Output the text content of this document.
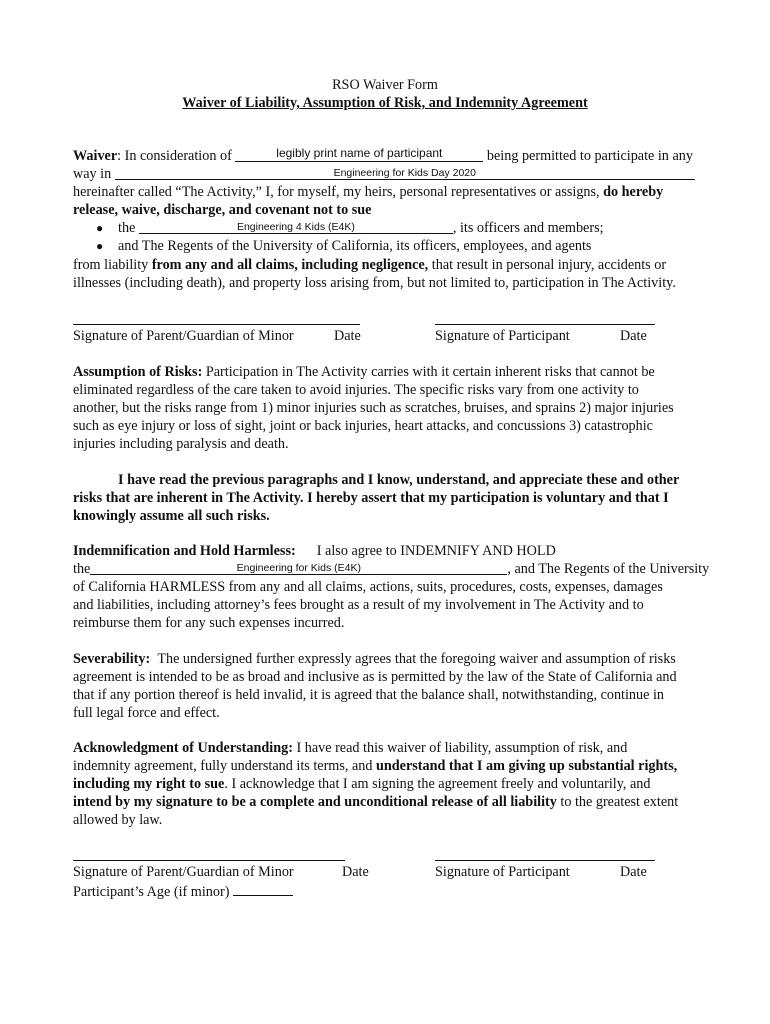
RSO Waiver Form
Waiver of Liability, Assumption of Risk, and Indemnity Agreement
Waiver: In consideration of	$^{legibly print name of participant}$	being permitted to participate in any
way in	Engineering for Kids Day 2020
hereinafter called “The Activity,” I, for myself, my heirs, personal representatives or assigns, do hereby
release, waive, discharge, and covenant not to sue
● the	Engineering 4 Kids (E4K)	, its officers and members;
● and The Regents of the University of California, its officers, employees, and agents
from liability from any and all claims, including negligence, that result in personal injury, accidents or
illnesses (including death), and property loss arising from, but not limited to, participation in The Activity.
Signature of Parent/Guardian of Minor	Date	Signature of Participant	Date
Assumption of Risks: Participation in The Activity carries with it certain inherent risks that cannot be
eliminated regardless of the care taken to avoid injuries. The specific risks vary from one activity to
another, but the risks range from 1) minor injuries such as scratches, bruises, and sprains 2) major injuries
such as eye injury or loss of sight, joint or back injuries, heart attacks, and concussions 3) catastrophic
injuries including paralysis and death.
I have read the previous paragraphs and I know, understand, and appreciate these and other
risks that are inherent in The Activity. I hereby assert that my participation is voluntary and that I
knowingly assume all such risks.
Indemnification and Hold Harmless: I also agree to INDEMNIFY AND HOLD
the	Engineering for Kids (E4K)	, and The Regents of the University
of California HARMLESS from any and all claims, actions, suits, procedures, costs, expenses, damages
and liabilities, including attorney’s fees brought as a result of my involvement in The Activity and to
reimburse them for any such expenses incurred.
Severability: The undersigned further expressly agrees that the foregoing waiver and assumption of risks
agreement is intended to be as broad and inclusive as is permitted by the law of the State of California and
that if any portion thereof is held invalid, it is agreed that the balance shall, notwithstanding, continue in
full legal force and effect.
Acknowledgment of Understanding: I have read this waiver of liability, assumption of risk, and
indemnity agreement, fully understand its terms, and understand that I am giving up substantial rights,
including my right to sue. I acknowledge that I am signing the agreement freely and voluntarily, and
intend by my signature to be a complete and unconditional release of all liability to the greatest extent
allowed by law.
Signature of Parent/Guardian of Minor	Date	Signature of Participant	Date
Participant’s Age (if minor)
